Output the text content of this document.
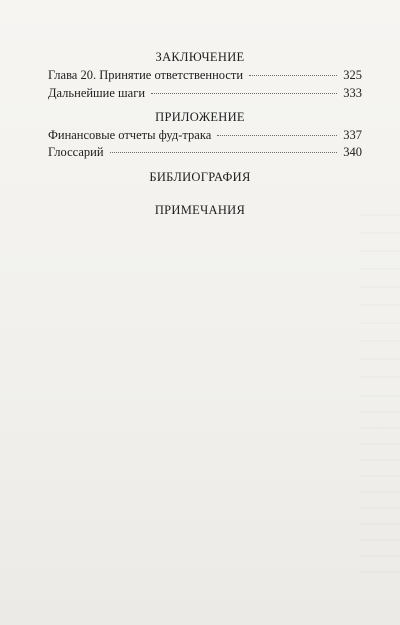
ЗАКЛЮЧЕНИЕ
Глава 20. Принятие ответственности	325
Дальнейшие шаги	333
ПРИЛОЖЕНИЕ
Финансовые отчеты фуд-трака	337
Глоссарий	340
БИБЛИОГРАФИЯ
ПРИМЕЧАНИЯ
